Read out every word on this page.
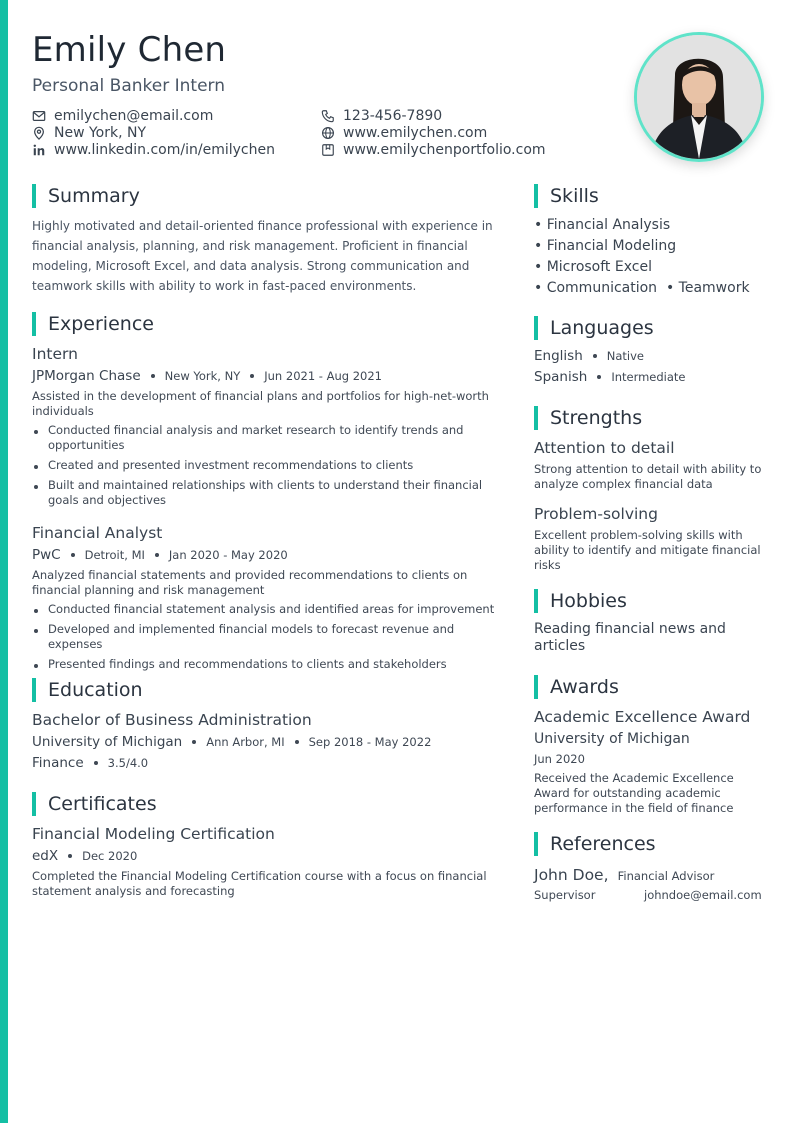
Emily Chen
Personal Banker Intern
emilychen@email.com
New York, NY
www.linkedin.com/in/emilychen
123-456-7890
www.emilychen.com
www.emilychenportfolio.com
Summary
Highly motivated and detail-oriented finance professional with experience in financial analysis, planning, and risk management. Proficient in financial modeling, Microsoft Excel, and data analysis. Strong communication and teamwork skills with ability to work in fast-paced environments.
Experience
Intern
JPMorgan Chase New York, NY Jun 2021 - Aug 2021
Assisted in the development of financial plans and portfolios for high-net-worth individuals
Conducted financial analysis and market research to identify trends and opportunities
Created and presented investment recommendations to clients
Built and maintained relationships with clients to understand their financial goals and objectives
Financial Analyst
PwC Detroit, MI Jan 2020 - May 2020
Analyzed financial statements and provided recommendations to clients on financial planning and risk management
Conducted financial statement analysis and identified areas for improvement
Developed and implemented financial models to forecast revenue and expenses
Presented findings and recommendations to clients and stakeholders
Education
Bachelor of Business Administration
University of Michigan Ann Arbor, MI Sep 2018 - May 2022
Finance 3.5/4.0
Certificates
Financial Modeling Certification
edX Dec 2020
Completed the Financial Modeling Certification course with a focus on financial statement analysis and forecasting
Skills
• Financial Analysis
• Financial Modeling
• Microsoft Excel
• Communication • Teamwork
Languages
English Native
Spanish Intermediate
Strengths
Attention to detail
Strong attention to detail with ability to analyze complex financial data
Problem-solving
Excellent problem-solving skills with ability to identify and mitigate financial risks
Hobbies
Reading financial news and articles
Awards
Academic Excellence Award
University of Michigan
Jun 2020
Received the Academic Excellence Award for outstanding academic performance in the field of finance
References
John Doe, Financial Advisor
Supervisor	johndoe@email.com
